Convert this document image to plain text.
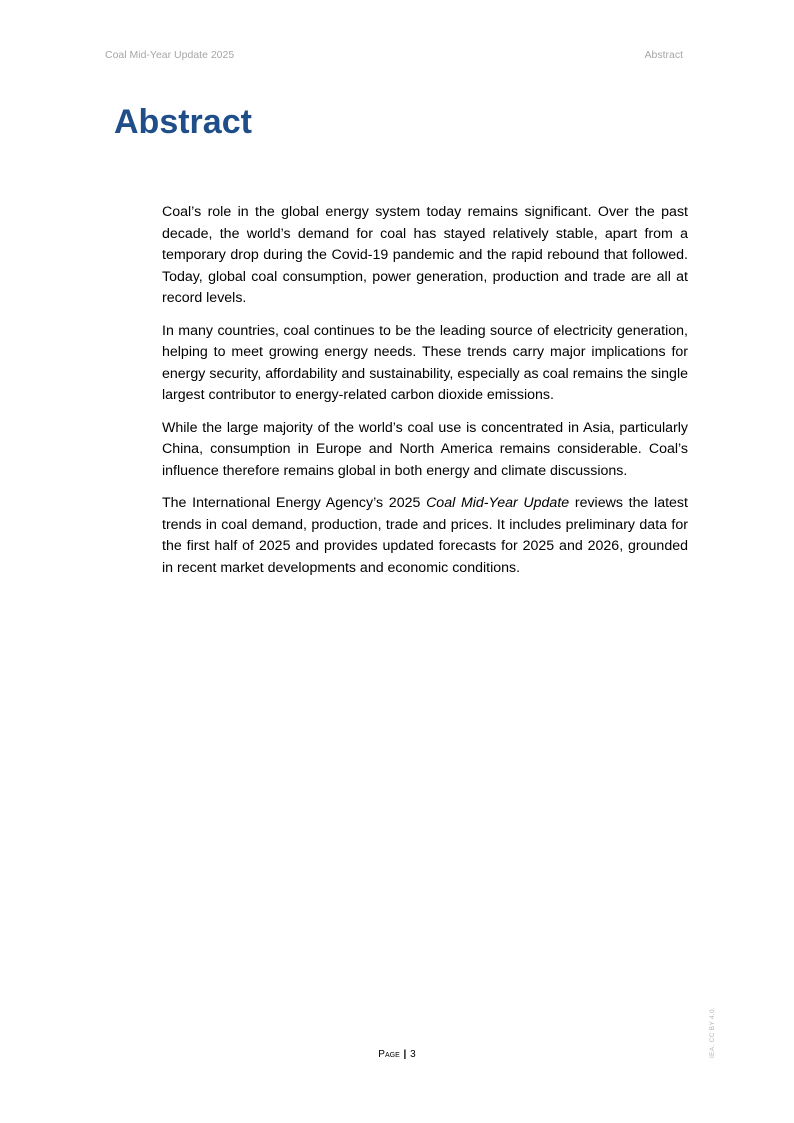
Coal Mid-Year Update 2025	Abstract
Abstract

Coal’s role in the global energy system today remains significant. Over the past decade, the world’s demand for coal has stayed relatively stable, apart from a temporary drop during the Covid-19 pandemic and the rapid rebound that followed. Today, global coal consumption, power generation, production and trade are all at record levels.

In many countries, coal continues to be the leading source of electricity generation, helping to meet growing energy needs. These trends carry major implications for energy security, affordability and sustainability, especially as coal remains the single largest contributor to energy-related carbon dioxide emissions.

While the large majority of the world’s coal use is concentrated in Asia, particularly China, consumption in Europe and North America remains considerable. Coal’s influence therefore remains global in both energy and climate discussions.

The International Energy Agency’s 2025 Coal Mid-Year Update reviews the latest trends in coal demand, production, trade and prices. It includes preliminary data for the first half of 2025 and provides updated forecasts for 2025 and 2026, grounded in recent market developments and economic conditions.

Page | 3	IEA. CC BY 4.0.
